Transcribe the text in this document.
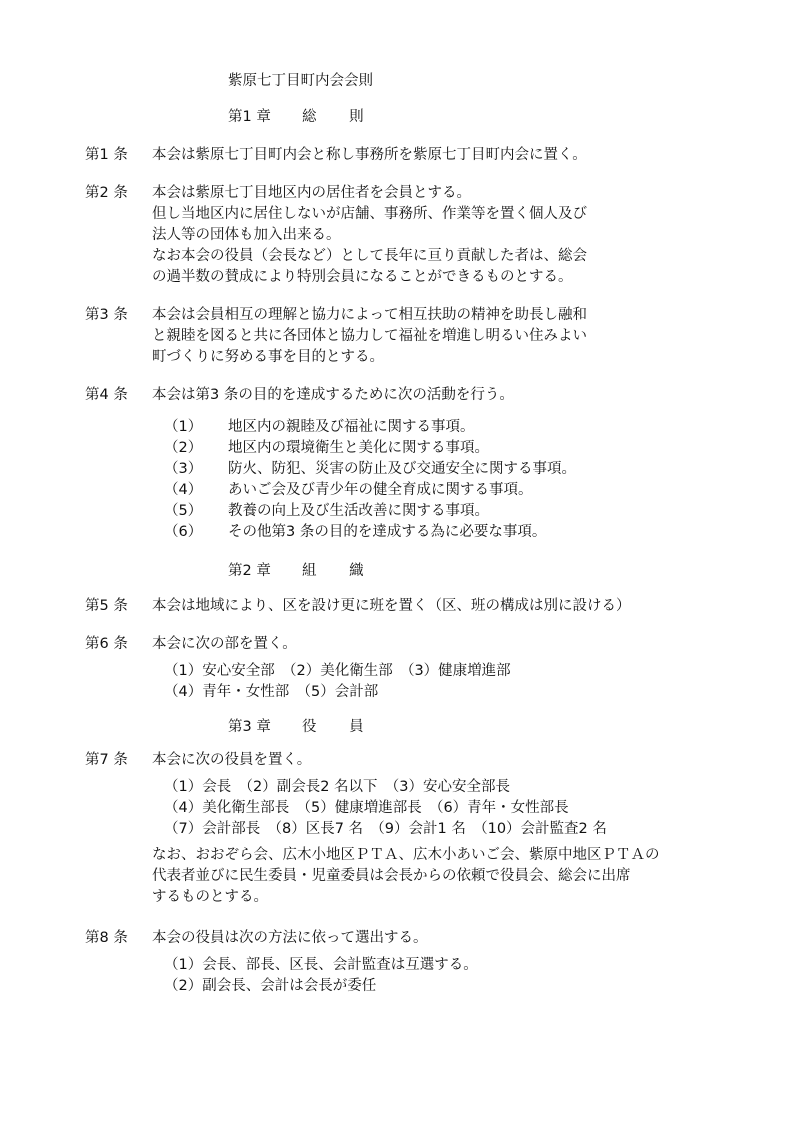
紫原七丁目町内会会則
第1 章 総 則
第1 条 本会は紫原七丁目町内会と称し事務所を紫原七丁目町内会に置く。
第2 条 本会は紫原七丁目地区内の居住者を会員とする。
但し当地区内に居住しないが店舗、事務所、作業等を置く個人及び
法人等の団体も加入出来る。
なお本会の役員（会長など）として長年に亘り貢献した者は、総会
の過半数の賛成により特別会員になることができるものとする。
第3 条 本会は会員相互の理解と協力によって相互扶助の精神を助長し融和
と親睦を図ると共に各団体と協力して福祉を増進し明るい住みよい
町づくりに努める事を目的とする。
第4 条 本会は第3 条の目的を達成するために次の活動を行う。
（1） 地区内の親睦及び福祉に関する事項。
（2） 地区内の環境衛生と美化に関する事項。
（3） 防火、防犯、災害の防止及び交通安全に関する事項。
（4） あいご会及び青少年の健全育成に関する事項。
（5） 教養の向上及び生活改善に関する事項。
（6） その他第3 条の目的を達成する為に必要な事項。
第2 章 組 織
第5 条 本会は地域により、区を設け更に班を置く（区、班の構成は別に設ける）
第6 条 本会に次の部を置く。
（1）安心安全部　（2）美化衛生部　（3）健康増進部
（4）青年・女性部　（5）会計部
第3 章 役 員
第7 条 本会に次の役員を置く。
（1）会長　（2）副会長2 名以下　（3）安心安全部長
（4）美化衛生部長　（5）健康増進部長　（6）青年・女性部長
（7）会計部長　（8）区長7 名　（9）会計1 名　（10）会計監査2 名
なお、おおぞら会、広木小地区ＰＴＡ、広木小あいご会、紫原中地区ＰＴＡの
代表者並びに民生委員・児童委員は会長からの依頼で役員会、総会に出席
するものとする。
第8 条 本会の役員は次の方法に依って選出する。
（1）会長、部長、区長、会計監査は互選する。
（2）副会長、会計は会長が委任
